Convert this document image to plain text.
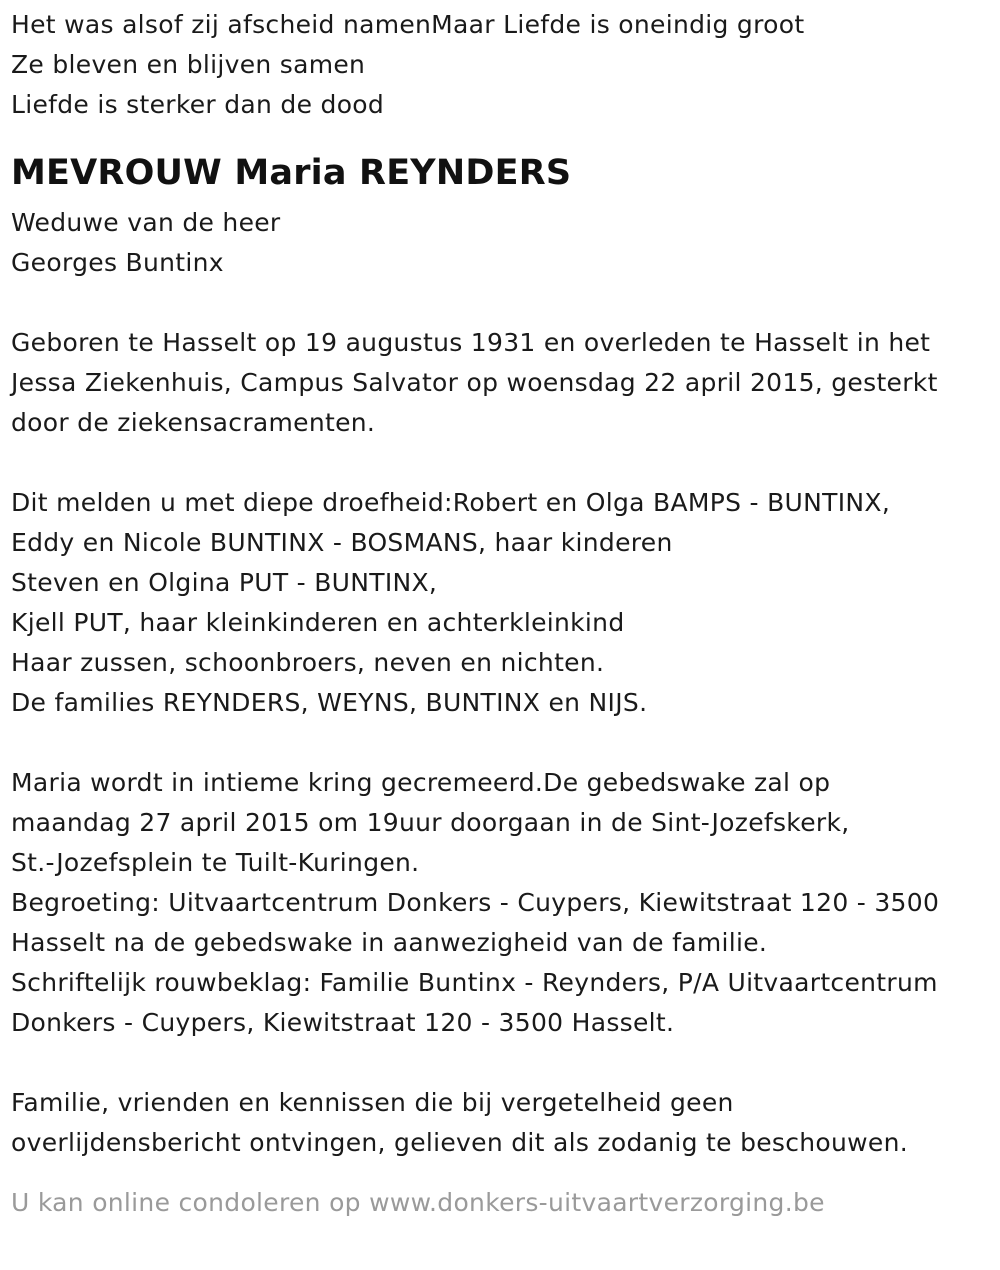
Het was alsof zij afscheid namenMaar Liefde is oneindig groot
Ze bleven en blijven samen
Liefde is sterker dan de dood
MEVROUW Maria REYNDERS
Weduwe van de heer
Georges Buntinx
Geboren te Hasselt op 19 augustus 1931 en overleden te Hasselt in het
Jessa Ziekenhuis, Campus Salvator op woensdag 22 april 2015, gesterkt
door de ziekensacramenten.
Dit melden u met diepe droefheid:Robert en Olga BAMPS - BUNTINX,
Eddy en Nicole BUNTINX - BOSMANS, haar kinderen
Steven en Olgina PUT - BUNTINX,
Kjell PUT, haar kleinkinderen en achterkleinkind
Haar zussen, schoonbroers, neven en nichten.
De families REYNDERS, WEYNS, BUNTINX en NIJS.
Maria wordt in intieme kring gecremeerd.De gebedswake zal op
maandag 27 april 2015 om 19uur doorgaan in de Sint-Jozefskerk,
St.-Jozefsplein te Tuilt-Kuringen.
Begroeting: Uitvaartcentrum Donkers - Cuypers, Kiewitstraat 120 - 3500
Hasselt na de gebedswake in aanwezigheid van de familie.
Schriftelijk rouwbeklag: Familie Buntinx - Reynders, P/A Uitvaartcentrum
Donkers - Cuypers, Kiewitstraat 120 - 3500 Hasselt.
Familie, vrienden en kennissen die bij vergetelheid geen
overlijdensbericht ontvingen, gelieven dit als zodanig te beschouwen.
U kan online condoleren op www.donkers-uitvaartverzorging.be
